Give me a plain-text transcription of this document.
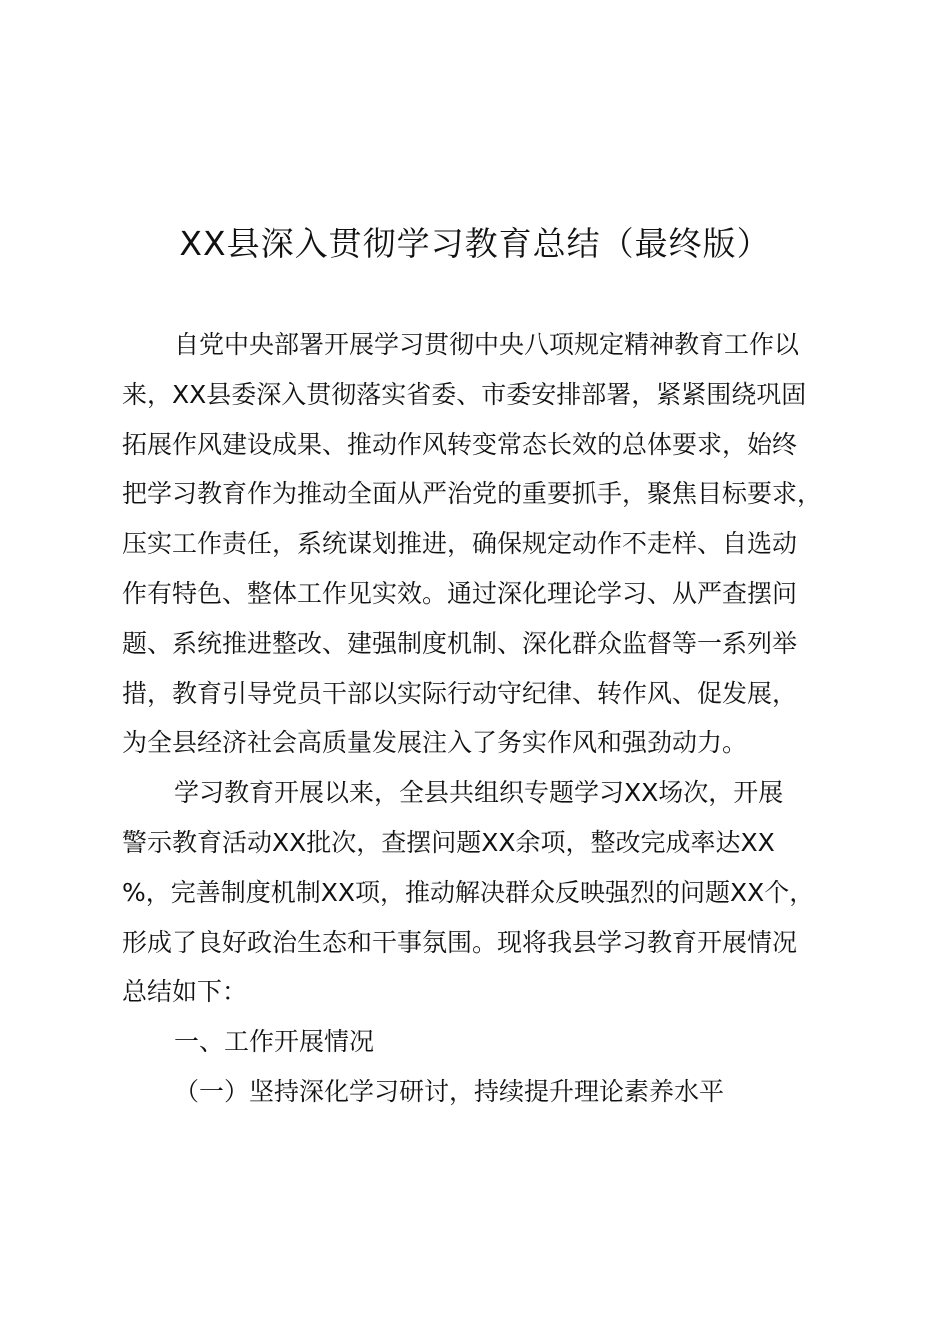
XX县深入贯彻学习教育总结（最终版）
自党中央部署开展学习贯彻中央八项规定精神教育工作以
来，XX县委深入贯彻落实省委、市委安排部署，紧紧围绕巩固
拓展作风建设成果、推动作风转变常态长效的总体要求，始终
把学习教育作为推动全面从严治党的重要抓手，聚焦目标要求，
压实工作责任，系统谋划推进，确保规定动作不走样、自选动
作有特色、整体工作见实效。通过深化理论学习、从严查摆问
题、系统推进整改、建强制度机制、深化群众监督等一系列举
措，教育引导党员干部以实际行动守纪律、转作风、促发展，
为全县经济社会高质量发展注入了务实作风和强劲动力。
学习教育开展以来，全县共组织专题学习XX场次，开展
警示教育活动XX批次，查摆问题XX余项，整改完成率达XX
%，完善制度机制XX项，推动解决群众反映强烈的问题XX个，
形成了良好政治生态和干事氛围。现将我县学习教育开展情况
总结如下：
一、工作开展情况
（一）坚持深化学习研讨，持续提升理论素养水平
